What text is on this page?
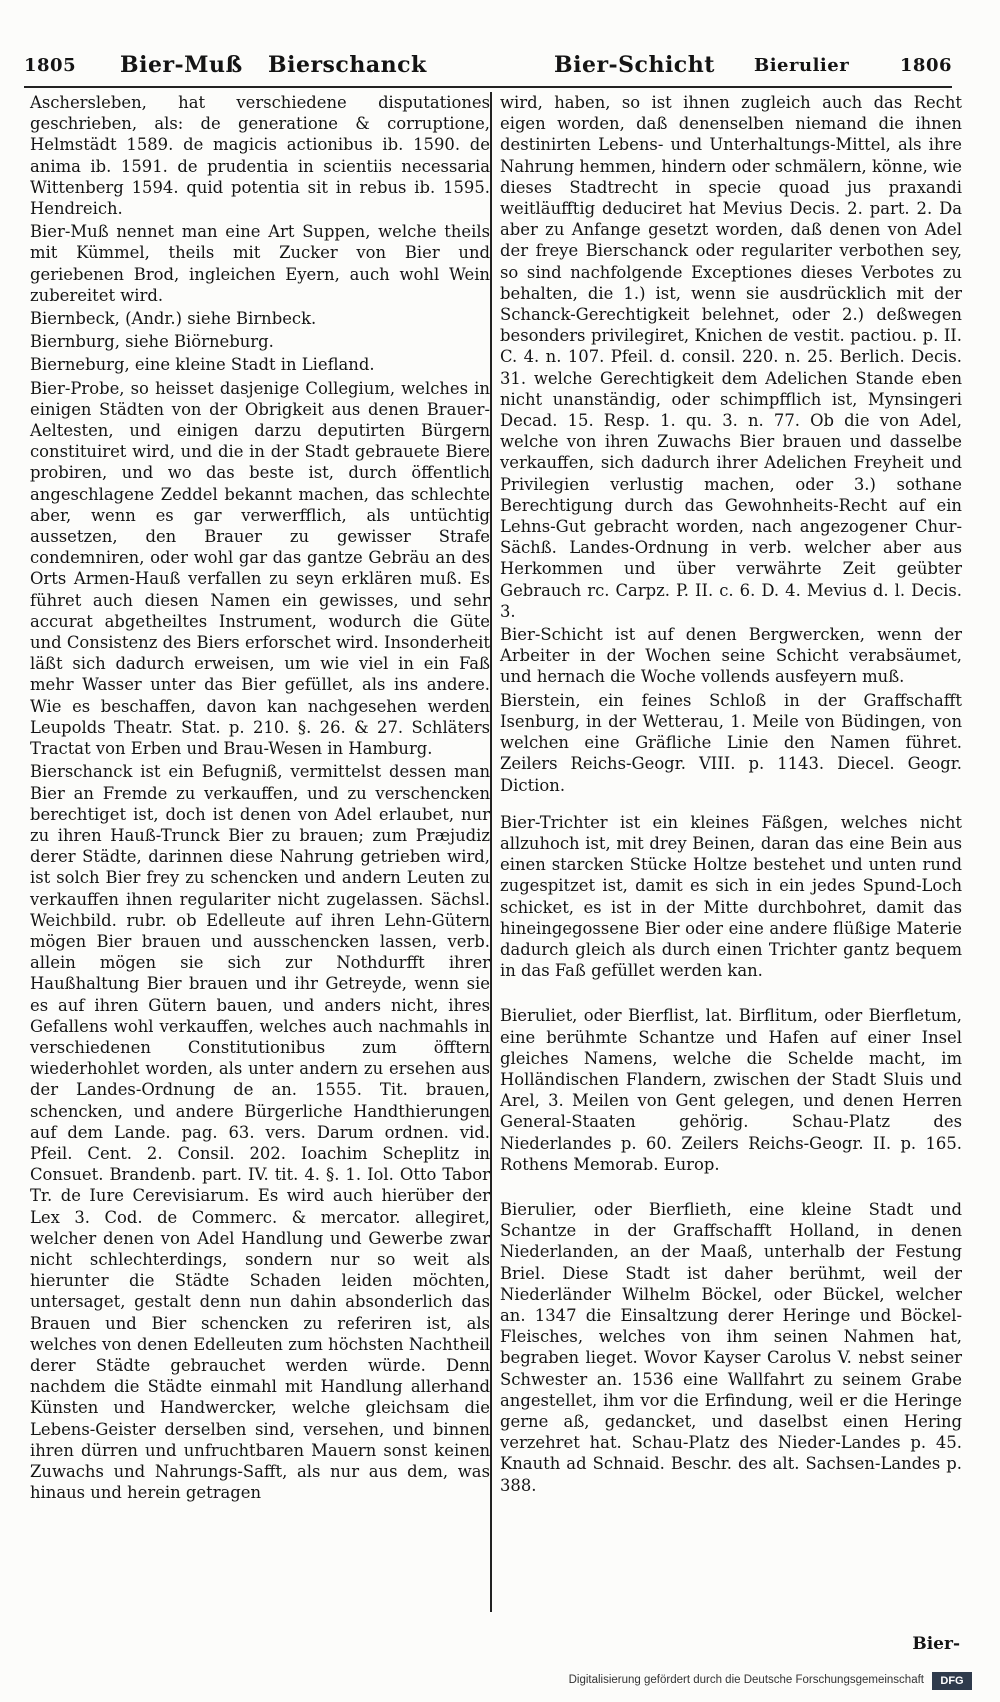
1805 Bier-Muß Bierschanck	Bier-Schicht Bierulier	1806

Aschersleben, hat verschiedene disputationes geschrieben, als: de generatione & corruptione, Helmstädt 1589. de magicis actionibus ib. 1590. de anima ib. 1591. de prudentia in scientiis necessaria Wittenberg 1594. quid potentia sit in rebus ib. 1595. Hendreich.

Bier-Muß nennet man eine Art Suppen, welche theils mit Kümmel, theils mit Zucker von Bier und geriebenen Brod, ingleichen Eyern, auch wohl Wein zubereitet wird.

Biernbeck, (Andr.) siehe Birnbeck.

Biernburg, siehe Biörneburg.

Bierneburg, eine kleine Stadt in Liefland.

Bier-Probe, so heisset dasjenige Collegium, welches in einigen Städten von der Obrigkeit aus denen Brauer-Aeltesten, und einigen darzu deputirten Bürgern constituiret wird, und die in der Stadt gebrauete Biere probiren, und wo das beste ist, durch öffentlich angeschlagene Zeddel bekannt machen, das schlechte aber, wenn es gar verwerfflich, als untüchtig aussetzen, den Brauer zu gewisser Strafe condemniren, oder wohl gar das gantze Gebräu an des Orts Armen-Hauß verfallen zu seyn erklären muß. Es führet auch diesen Namen ein gewisses, und sehr accurat abgetheiltes Instrument, wodurch die Güte und Consistenz des Biers erforschet wird. Insonderheit läßt sich dadurch erweisen, um wie viel in ein Faß mehr Wasser unter das Bier gefüllet, als ins andere. Wie es beschaffen, davon kan nachgesehen werden Leupolds Theatr. Stat. p. 210. §. 26. & 27. Schläters Tractat von Erben und Brau-Wesen in Hamburg.

Bierschanck ist ein Befugniß, vermittelst dessen man Bier an Fremde zu verkauffen, und zu verschencken berechtiget ist, doch ist denen von Adel erlaubet, nur zu ihren Hauß-Trunck Bier zu brauen; zum Præjudiz derer Städte, darinnen diese Nahrung getrieben wird, ist solch Bier frey zu schencken und andern Leuten zu verkauffen ihnen regulariter nicht zugelassen. Sächsl. Weichbild. rubr. ob Edelleute auf ihren Lehn-Gütern mögen Bier brauen und ausschencken lassen, verb. allein mögen sie sich zur Nothdurfft ihrer Haußhaltung Bier brauen und ihr Getreyde, wenn sie es auf ihren Gütern bauen, und anders nicht, ihres Gefallens wohl verkauffen, welches auch nachmahls in verschiedenen Constitutionibus zum öfftern wiederhohlet worden, als unter andern zu ersehen aus der Landes-Ordnung de an. 1555. Tit. brauen, schencken, und andere Bürgerliche Handthierungen auf dem Lande. pag. 63. vers. Darum ordnen. vid. Pfeil. Cent. 2. Consil. 202. Ioachim Scheplitz in Consuet. Brandenb. part. IV. tit. 4. §. 1. Iol. Otto Tabor Tr. de Iure Cerevisiarum. Es wird auch hierüber der Lex 3. Cod. de Commerc. & mercator. allegiret, welcher denen von Adel Handlung und Gewerbe zwar nicht schlechterdings, sondern nur so weit als hierunter die Städte Schaden leiden möchten, untersaget, gestalt denn nun dahin absonderlich das Brauen und Bier schencken zu referiren ist, als welches von denen Edelleuten zum höchsten Nachtheil derer Städte gebrauchet werden würde. Denn nachdem die Städte einmahl mit Handlung allerhand Künsten und Handwercker, welche gleichsam die Lebens-Geister derselben sind, versehen, und binnen ihren dürren und unfruchtbaren Mauern sonst keinen Zuwachs und Nahrungs-Safft, als nur aus dem, was hinaus und herein getragen

wird, haben, so ist ihnen zugleich auch das Recht eigen worden, daß denenselben niemand die ihnen destinirten Lebens- und Unterhaltungs-Mittel, als ihre Nahrung hemmen, hindern oder schmälern, könne, wie dieses Stadtrecht in specie quoad jus praxandi weitläufftig deduciret hat Mevius Decis. 2. part. 2. Da aber zu Anfange gesetzt worden, daß denen von Adel der freye Bierschanck oder regulariter verbothen sey, so sind nachfolgende Exceptiones dieses Verbotes zu behalten, die 1.) ist, wenn sie ausdrücklich mit der Schanck-Gerechtigkeit belehnet, oder 2.) deßwegen besonders privilegiret, Knichen de vestit. pactiou. p. II. C. 4. n. 107. Pfeil. d. consil. 220. n. 25. Berlich. Decis. 31. welche Gerechtigkeit dem Adelichen Stande eben nicht unanständig, oder schimpfflich ist, Mynsingeri Decad. 15. Resp. 1. qu. 3. n. 77. Ob die von Adel, welche von ihren Zuwachs Bier brauen und dasselbe verkauffen, sich dadurch ihrer Adelichen Freyheit und Privilegien verlustig machen, oder 3.) sothane Berechtigung durch das Gewohnheits-Recht auf ein Lehns-Gut gebracht worden, nach angezogener Chur-Sächß. Landes-Ordnung in verb. welcher aber aus Herkommen und über verwährte Zeit geübter Gebrauch rc. Carpz. P. II. c. 6. D. 4. Mevius d. l. Decis. 3.

Bier-Schicht ist auf denen Bergwercken, wenn der Arbeiter in der Wochen seine Schicht verabsäumet, und hernach die Woche vollends ausfeyern muß.

Bierstein, ein feines Schloß in der Graffschafft Isenburg, in der Wetterau, 1. Meile von Büdingen, von welchen eine Gräfliche Linie den Namen führet. Zeilers Reichs-Geogr. VIII. p. 1143. Diecel. Geogr. Diction.

Bier-Trichter ist ein kleines Fäßgen, welches nicht allzuhoch ist, mit drey Beinen, daran das eine Bein aus einen starcken Stücke Holtze bestehet und unten rund zugespitzet ist, damit es sich in ein jedes Spund-Loch schicket, es ist in der Mitte durchbohret, damit das hineingegossene Bier oder eine andere flüßige Materie dadurch gleich als durch einen Trichter gantz bequem in das Faß gefüllet werden kan.

Bieruliet, oder Bierflist, lat. Birflitum, oder Bierfletum, eine berühmte Schantze und Hafen auf einer Insel gleiches Namens, welche die Schelde macht, im Holländischen Flandern, zwischen der Stadt Sluis und Arel, 3. Meilen von Gent gelegen, und denen Herren General-Staaten gehörig. Schau-Platz des Niederlandes p. 60. Zeilers Reichs-Geogr. II. p. 165. Rothens Memorab. Europ.

Bierulier, oder Bierflieth, eine kleine Stadt und Schantze in der Graffschafft Holland, in denen Niederlanden, an der Maaß, unterhalb der Festung Briel. Diese Stadt ist daher berühmt, weil der Niederländer Wilhelm Böckel, oder Bückel, welcher an. 1347 die Einsaltzung derer Heringe und Böckel-Fleisches, welches von ihm seinen Nahmen hat, begraben lieget. Wovor Kayser Carolus V. nebst seiner Schwester an. 1536 eine Wallfahrt zu seinem Grabe angestellet, ihm vor die Erfindung, weil er die Heringe gerne aß, gedancket, und daselbst einen Hering verzehret hat. Schau-Platz des Nieder-Landes p. 45. Knauth ad Schnaid. Beschr. des alt. Sachsen-Landes p. 388.

Bier-
Digitalisierung gefördert durch die Deutsche Forschungsgemeinschaft	DFG
